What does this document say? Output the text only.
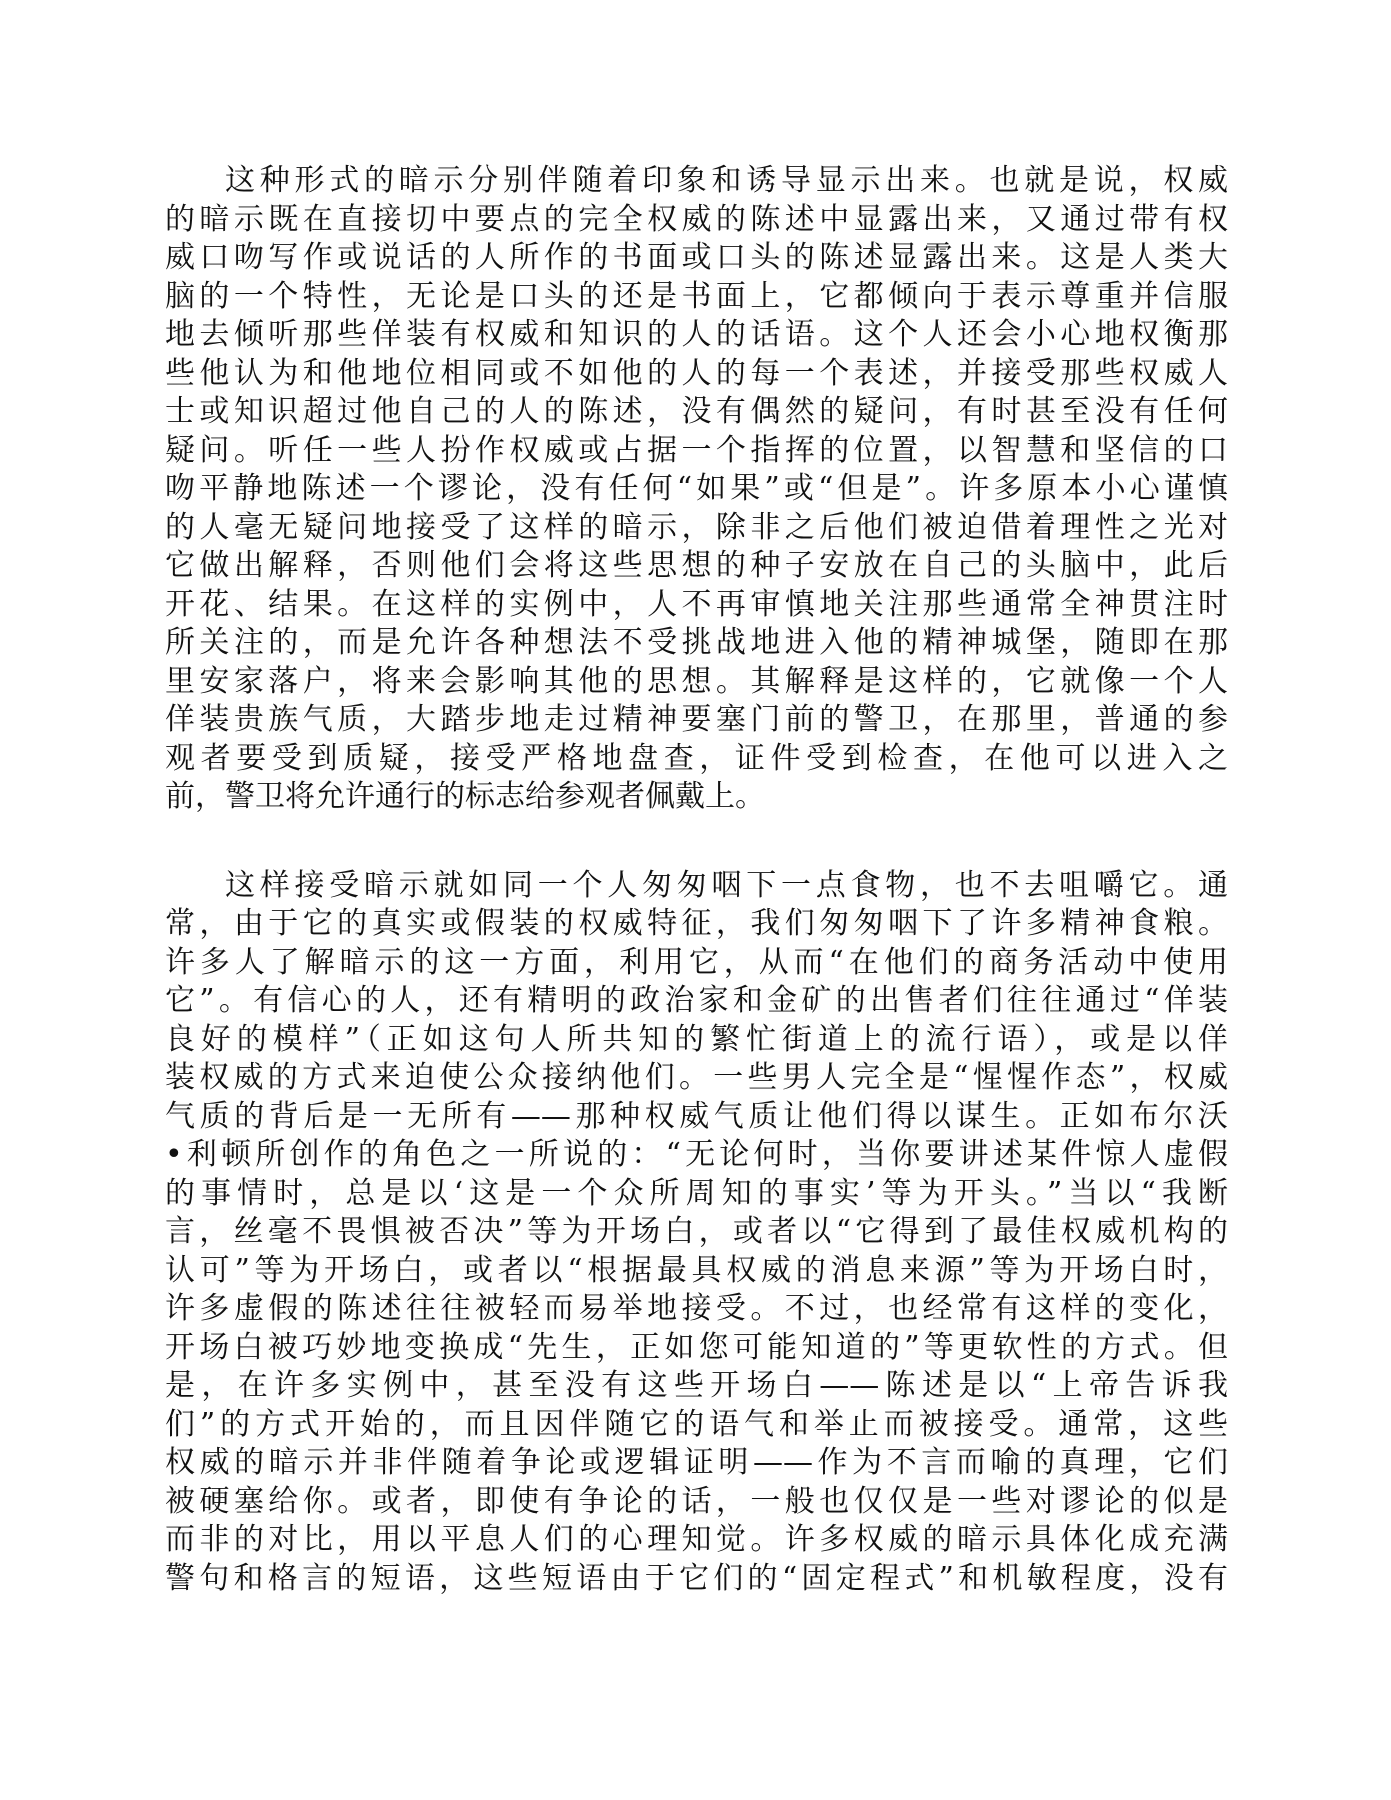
这种形式的暗示分别伴随着印象和诱导显示出来。也就是说，权威
的暗示既在直接切中要点的完全权威的陈述中显露出来，又通过带有权
威口吻写作或说话的人所作的书面或口头的陈述显露出来。这是人类大
脑的一个特性，无论是口头的还是书面上，它都倾向于表示尊重并信服
地去倾听那些佯装有权威和知识的人的话语。这个人还会小心地权衡那
些他认为和他地位相同或不如他的人的每一个表述，并接受那些权威人
士或知识超过他自己的人的陈述，没有偶然的疑问，有时甚至没有任何
疑问。听任一些人扮作权威或占据一个指挥的位置，以智慧和坚信的口
吻平静地陈述一个谬论，没有任何“如果”或“但是”。许多原本小心谨慎
的人毫无疑问地接受了这样的暗示，除非之后他们被迫借着理性之光对
它做出解释，否则他们会将这些思想的种子安放在自己的头脑中，此后
开花、结果。在这样的实例中，人不再审慎地关注那些通常全神贯注时
所关注的，而是允许各种想法不受挑战地进入他的精神城堡，随即在那
里安家落户，将来会影响其他的思想。其解释是这样的，它就像一个人
佯装贵族气质，大踏步地走过精神要塞门前的警卫，在那里，普通的参
观者要受到质疑，接受严格地盘查，证件受到检查，在他可以进入之
前，警卫将允许通行的标志给参观者佩戴上。
这样接受暗示就如同一个人匆匆咽下一点食物，也不去咀嚼它。通
常，由于它的真实或假装的权威特征，我们匆匆咽下了许多精神食粮。
许多人了解暗示的这一方面，利用它，从而“在他们的商务活动中使用
它”。有信心的人，还有精明的政治家和金矿的出售者们往往通过“佯装
良好的模样”（正如这句人所共知的繁忙街道上的流行语），或是以佯
装权威的方式来迫使公众接纳他们。一些男人完全是“惺惺作态”，权威
气质的背后是一无所有——那种权威气质让他们得以谋生。正如布尔沃
•利顿所创作的角色之一所说的：“无论何时，当你要讲述某件惊人虚假
的事情时，总是以‘这是一个众所周知的事实’等为开头。”当以“我断
言，丝毫不畏惧被否决”等为开场白，或者以“它得到了最佳权威机构的
认可”等为开场白，或者以“根据最具权威的消息来源”等为开场白时，
许多虚假的陈述往往被轻而易举地接受。不过，也经常有这样的变化，
开场白被巧妙地变换成“先生，正如您可能知道的”等更软性的方式。但
是，在许多实例中，甚至没有这些开场白——陈述是以“上帝告诉我
们”的方式开始的，而且因伴随它的语气和举止而被接受。通常，这些
权威的暗示并非伴随着争论或逻辑证明——作为不言而喻的真理，它们
被硬塞给你。或者，即使有争论的话，一般也仅仅是一些对谬论的似是
而非的对比，用以平息人们的心理知觉。许多权威的暗示具体化成充满
警句和格言的短语，这些短语由于它们的“固定程式”和机敏程度，没有
